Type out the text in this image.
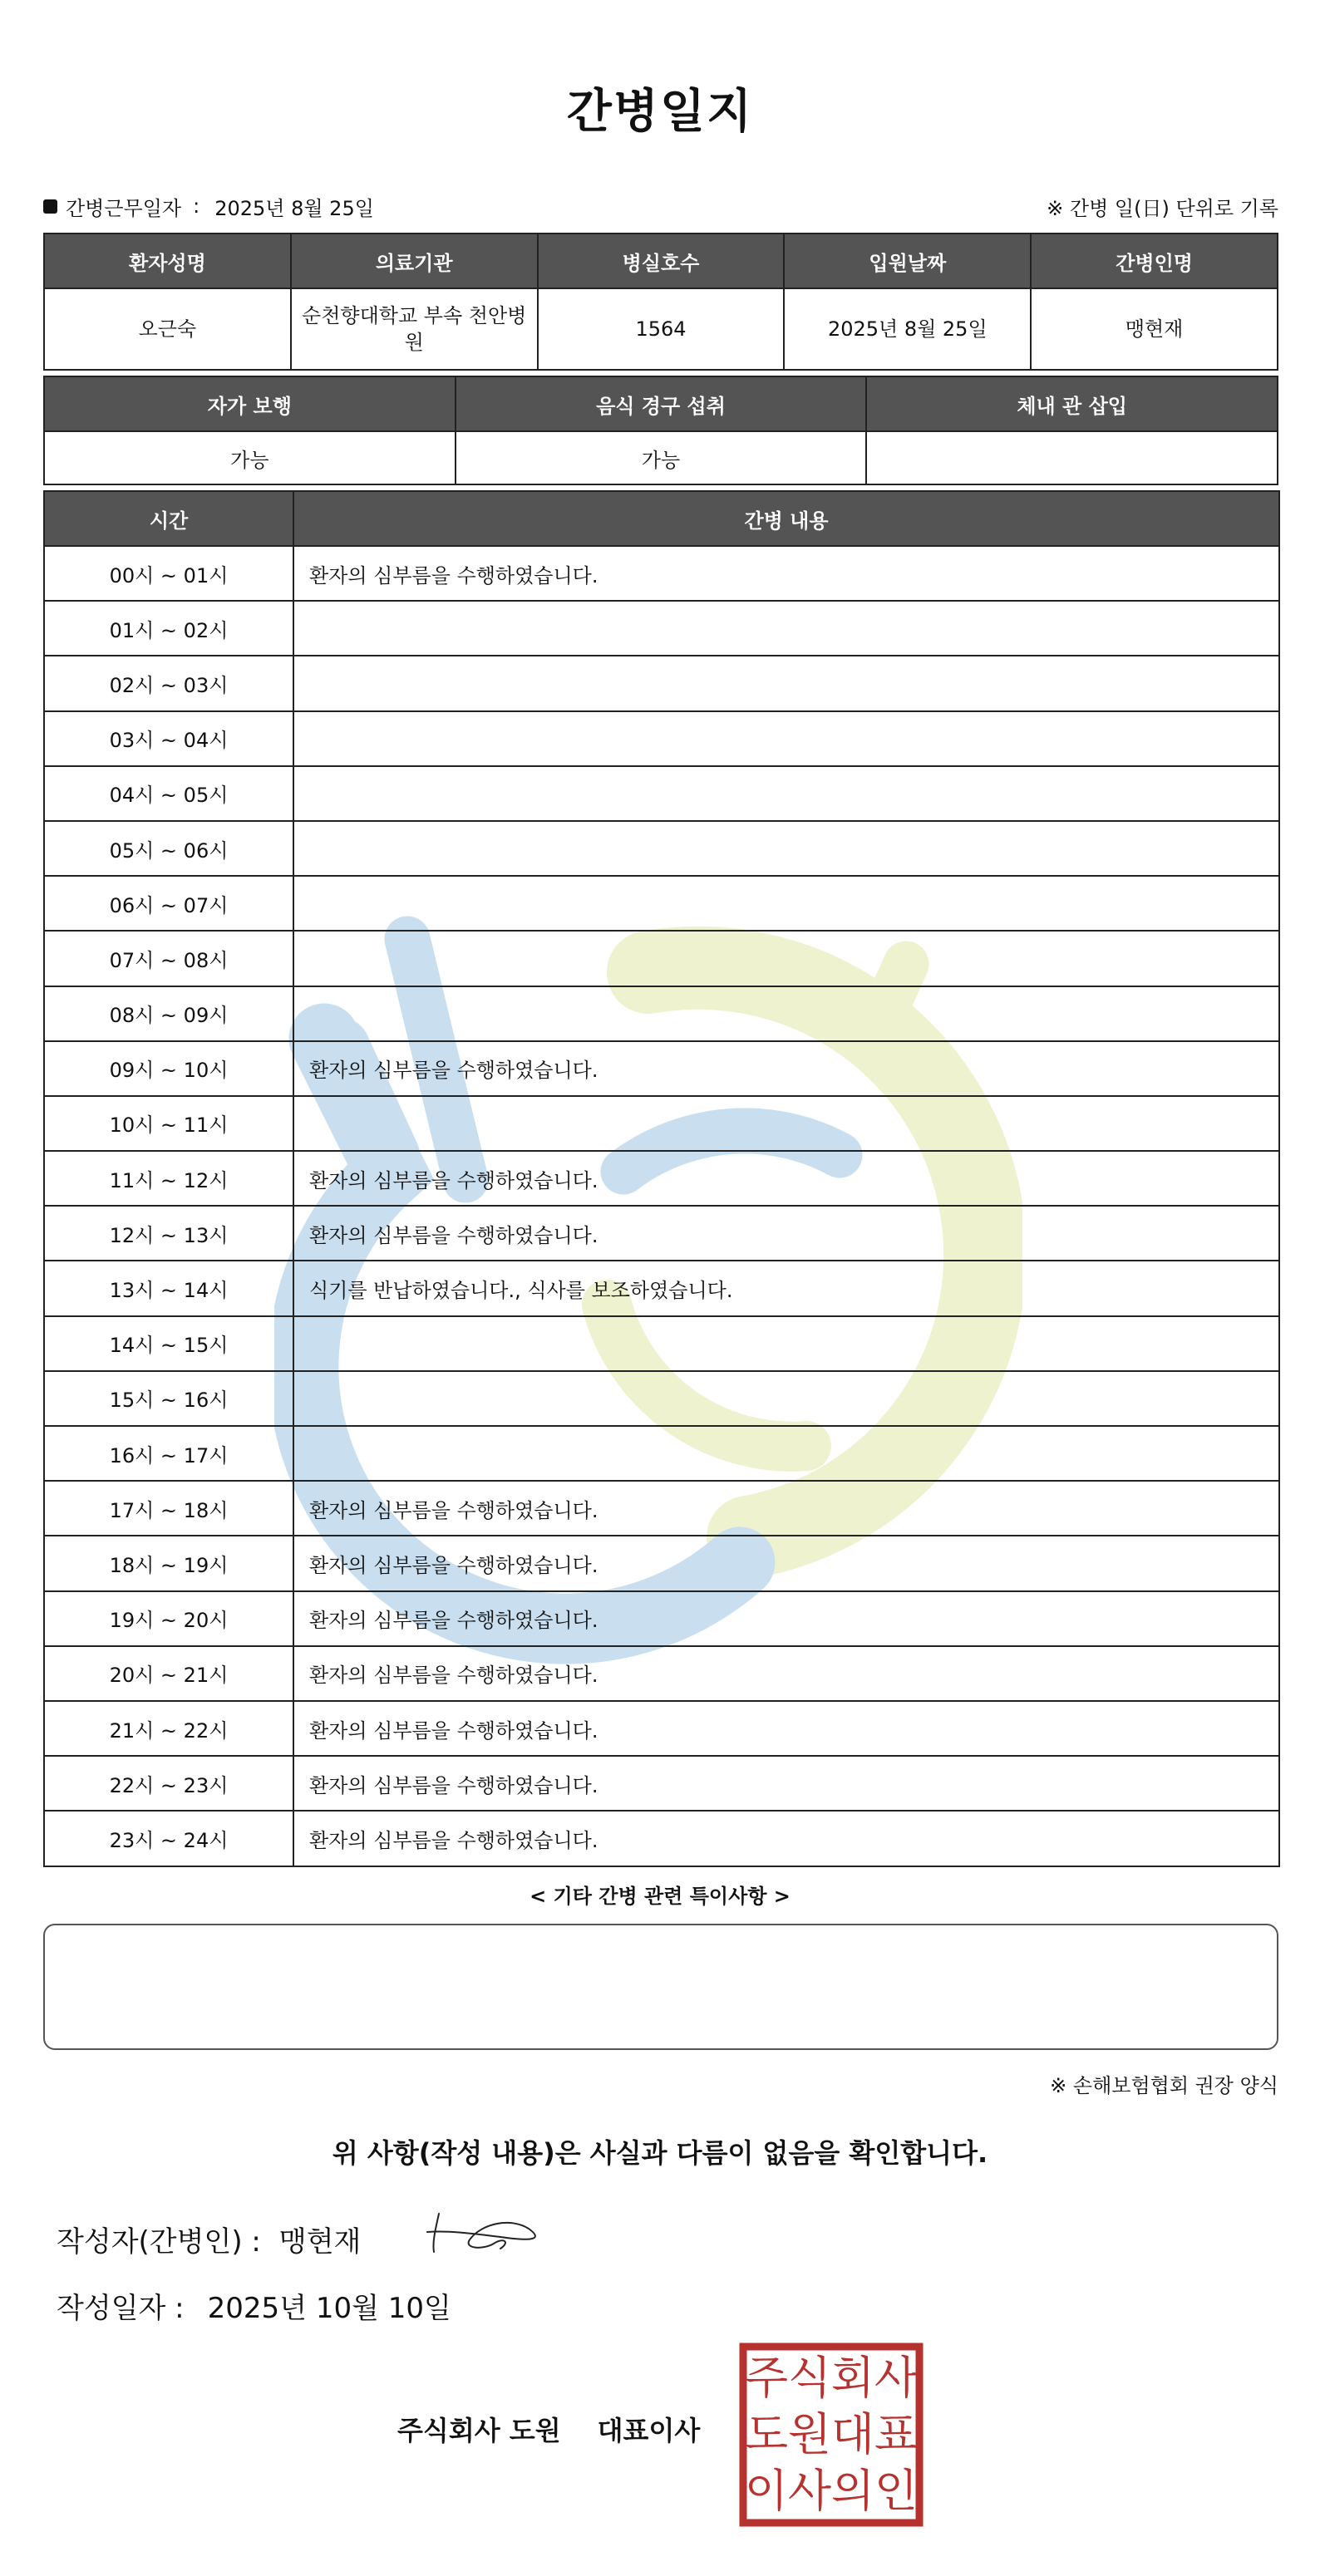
간병일지
간병근무일자 : 2025년 8월 25일	※ 간병 일(日) 단위로 기록
환자성명	의료기관	병실호수	입원날짜	간병인명
오근숙	순천향대학교 부속 천안병원	1564	2025년 8월 25일	맹현재
자가 보행	음식 경구 섭취	체내 관 삽입
가능	가능	
시간	간병 내용
00시 ~ 01시	환자의 심부름을 수행하였습니다.
01시 ~ 02시	
02시 ~ 03시	
03시 ~ 04시	
04시 ~ 05시	
05시 ~ 06시	
06시 ~ 07시	
07시 ~ 08시	
08시 ~ 09시	
09시 ~ 10시	환자의 심부름을 수행하였습니다.
10시 ~ 11시	
11시 ~ 12시	환자의 심부름을 수행하였습니다.
12시 ~ 13시	환자의 심부름을 수행하였습니다.
13시 ~ 14시	식기를 반납하였습니다., 식사를 보조하였습니다.
14시 ~ 15시	
15시 ~ 16시	
16시 ~ 17시	
17시 ~ 18시	환자의 심부름을 수행하였습니다.
18시 ~ 19시	환자의 심부름을 수행하였습니다.
19시 ~ 20시	환자의 심부름을 수행하였습니다.
20시 ~ 21시	환자의 심부름을 수행하였습니다.
21시 ~ 22시	환자의 심부름을 수행하였습니다.
22시 ~ 23시	환자의 심부름을 수행하였습니다.
23시 ~ 24시	환자의 심부름을 수행하였습니다.
< 기타 간병 관련 특이사항 >
※ 손해보험협회 권장 양식
위 사항(작성 내용)은 사실과 다름이 없음을 확인합니다.
작성자(간병인) : 맹현재
작성일자 : 2025년 10월 10일
주식회사 도원 대표이사
주 식 회 사
도 원 대 표
이 사 의 인
